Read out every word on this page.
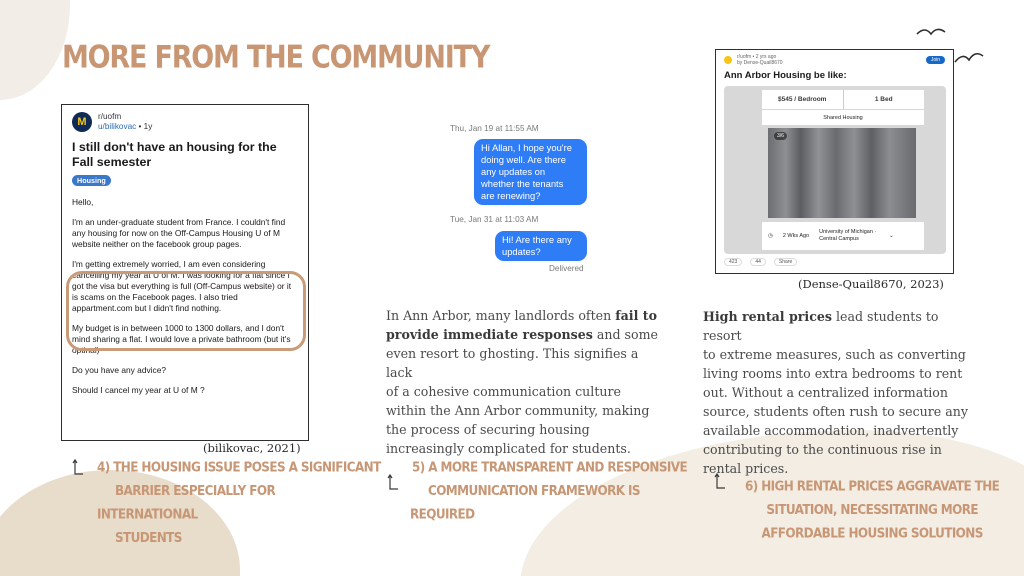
MORE FROM THE COMMUNITY
M	r/uofm
u/bilikovac • 1y
I still don't have an housing for the Fall semester
Housing
Hello,
I'm an under-graduate student from France. I couldn't find any housing for now on the Off-Campus Housing U of M website neither on the facebook group pages.
I'm getting extremely worried, I am even considering cancelling my year at U of M. I was looking for a flat since I got the visa but everything is full (Off-Campus website) or it is scams on the Facebook pages. I also tried appartment.com but I didn't find nothing.
My budget is in between 1000 to 1300 dollars, and I don't mind sharing a flat. I would love a private bathroom (but it's optinal)
Do you have any advice?
Should I cancel my year at U of M ?
(bilikovac, 2021)
4) THE HOUSING ISSUE POSES A SIGNIFICANT
BARRIER ESPECIALLY FOR
INTERNATIONAL
STUDENTS
Thu, Jan 19 at 11:55 AM
Hi Allan, I hope you're
doing well. Are there
any updates on
whether the tenants
are renewing?
Tue, Jan 31 at 11:03 AM
Hi! Are there any
updates?
Delivered
In Ann Arbor, many landlords often fail to
provide immediate responses and some
even resort to ghosting. This signifies a lack
of a cohesive communication culture
within the Ann Arbor community, making
the process of securing housing
increasingly complicated for students.
5) A MORE TRANSPARENT AND RESPONSIVE
COMMUNICATION FRAMEWORK IS
REQUIRED
r/uofm • 2 yrs ago
by Dense-Quail8670	Join
Ann Arbor Housing be like:
$545 / Bedroom	1 Bed
Shared Housing
3/6
◷ 2 Wks Ago
University of Michigan · Central Campus	⌄
423	44	Share
(Dense-Quail8670, 2023)
High rental prices lead students to resort
to extreme measures, such as converting
living rooms into extra bedrooms to rent
out. Without a centralized information
source, students often rush to secure any
available accommodation, inadvertently
contributing to the continuous rise in
rental prices.
6) HIGH RENTAL PRICES AGGRAVATE THE
SITUATION, NECESSITATING MORE
AFFORDABLE HOUSING SOLUTIONS
